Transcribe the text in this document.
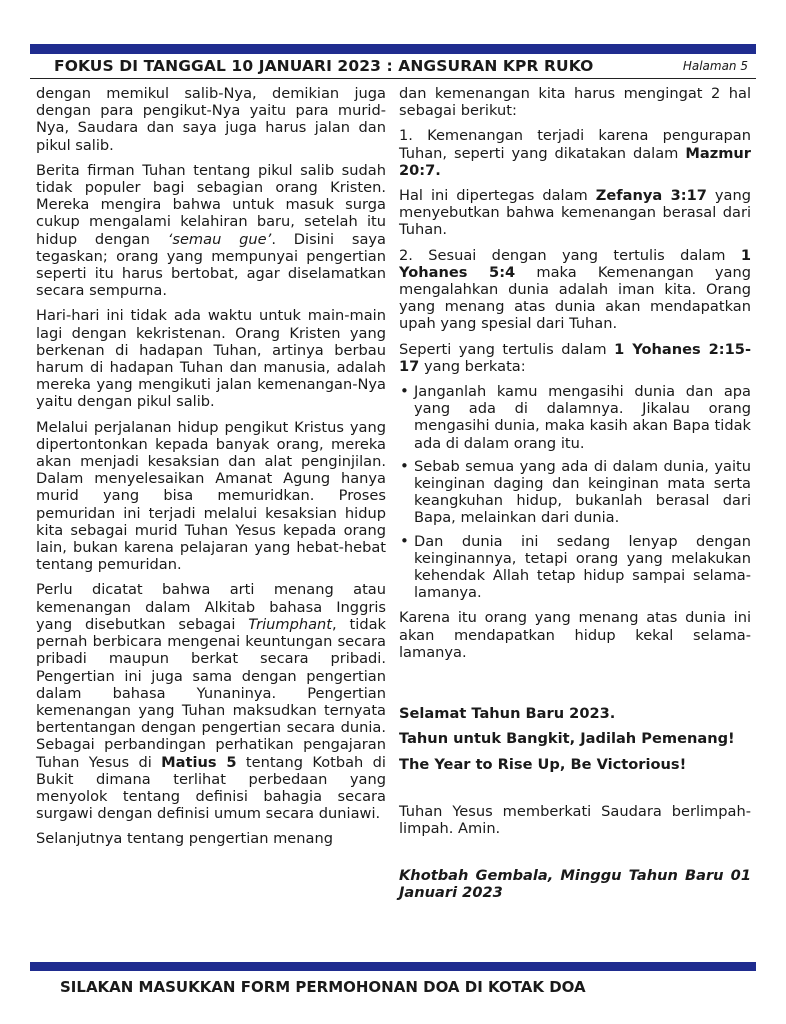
FOKUS DI TANGGAL 10 JANUARI 2023 : ANGSURAN KPR RUKO	Halaman 5

dengan memikul salib-Nya, demikian juga dengan para pengikut-Nya yaitu para murid-Nya, Saudara dan saya juga harus jalan dan pikul salib.

Berita firman Tuhan tentang pikul salib sudah tidak populer bagi sebagian orang Kristen. Mereka mengira bahwa untuk masuk surga cukup mengalami kelahiran baru, setelah itu hidup dengan ‘semau gue’. Disini saya tegaskan; orang yang mempunyai pengertian seperti itu harus bertobat, agar diselamatkan secara sempurna.

Hari-hari ini tidak ada waktu untuk main-main lagi dengan kekristenan. Orang Kristen yang berkenan di hadapan Tuhan, artinya berbau harum di hadapan Tuhan dan manusia, adalah mereka yang mengikuti jalan kemenangan-Nya yaitu dengan pikul salib.

Melalui perjalanan hidup pengikut Kristus yang dipertontonkan kepada banyak orang, mereka akan menjadi kesaksian dan alat penginjilan. Dalam menyelesaikan Amanat Agung hanya murid yang bisa memuridkan. Proses pemuridan ini terjadi melalui kesaksian hidup kita sebagai murid Tuhan Yesus kepada orang lain, bukan karena pelajaran yang hebat-hebat tentang pemuridan.

Perlu dicatat bahwa arti menang atau kemenangan dalam Alkitab bahasa Inggris yang disebutkan sebagai Triumphant, tidak pernah berbicara mengenai keuntungan secara pribadi maupun berkat secara pribadi. Pengertian ini juga sama dengan pengertian dalam bahasa Yunaninya. Pengertian kemenangan yang Tuhan maksudkan ternyata bertentangan dengan pengertian secara dunia. Sebagai perbandingan perhatikan pengajaran Tuhan Yesus di Matius 5 tentang Kotbah di Bukit dimana terlihat perbedaan yang menyolok tentang definisi bahagia secara surgawi dengan definisi umum secara duniawi.

Selanjutnya tentang pengertian menang

dan kemenangan kita harus mengingat 2 hal sebagai berikut:

1. Kemenangan terjadi karena pengurapan Tuhan, seperti yang dikatakan dalam Mazmur 20:7.

Hal ini dipertegas dalam Zefanya 3:17 yang menyebutkan bahwa kemenangan berasal dari Tuhan.

2. Sesuai dengan yang tertulis dalam 1 Yohanes 5:4 maka Kemenangan yang mengalahkan dunia adalah iman kita. Orang yang menang atas dunia akan mendapatkan upah yang spesial dari Tuhan.

Seperti yang tertulis dalam 1 Yohanes 2:15-17 yang berkata:

• Janganlah kamu mengasihi dunia dan apa yang ada di dalamnya. Jikalau orang mengasihi dunia, maka kasih akan Bapa tidak ada di dalam orang itu.
• Sebab semua yang ada di dalam dunia, yaitu keinginan daging dan keinginan mata serta keangkuhan hidup, bukanlah berasal dari Bapa, melainkan dari dunia.
• Dan dunia ini sedang lenyap dengan keinginannya, tetapi orang yang melakukan kehendak Allah tetap hidup sampai selama-lamanya.

Karena itu orang yang menang atas dunia ini akan mendapatkan hidup kekal selama-lamanya.

Selamat Tahun Baru 2023.

Tahun untuk Bangkit, Jadilah Pemenang!

The Year to Rise Up, Be Victorious!

Tuhan Yesus memberkati Saudara berlimpah-limpah. Amin.

Khotbah Gembala, Minggu Tahun Baru 01 Januari 2023

SILAKAN MASUKKAN FORM PERMOHONAN DOA DI KOTAK DOA
